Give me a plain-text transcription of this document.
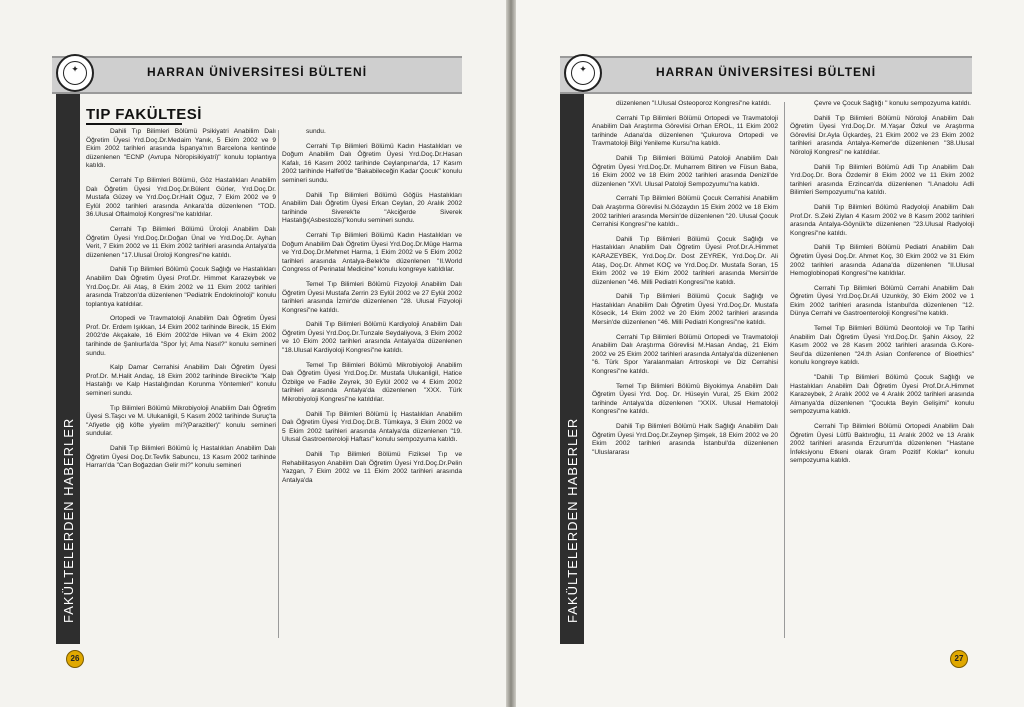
✦	HARRAN ÜNİVERSİTESİ BÜLTENİ
FAKÜLTELERDEN HABERLER
TIP FAKÜLTESİ

Dahili Tıp Bilimleri Bölümü Psikiyatri Anabilim Dalı Öğretim Üyesi Yrd.Doç.Dr.Medaim Yanık, 5 Ekim 2002 ve 9 Ekim 2002 tarihleri arasında İspanya'nın Barcelona kentinde düzenlenen "ECNP (Avrupa Nöropisikiyatri)" konulu toplantıya katıldı.

Cerrahi Tıp Bilimleri Bölümü, Göz Hastalıkları Anabilim Dalı Öğretim Üyesi Yrd.Doç.Dr.Bülent Gürler, Yrd.Doç.Dr. Mustafa Güzey ve Yrd.Doç.Dr.Halit Oğuz, 7 Ekim 2002 ve 9 Eylül 2002 tarihleri arasında Ankara'da düzenlenen "TOD. 36.Ulusal Oftalmoloji Kongresi"ne katıldılar.

Cerrahi Tıp Bilimleri Bölümü Üroloji Anabilim Dalı Öğretim Üyesi Yrd.Doç.Dr.Doğan Ünal ve Yrd.Doç.Dr. Ayhan Verit, 7 Ekim 2002 ve 11 Ekim 2002 tarihleri arasında Antalya'da düzenlenen "17.Ulusal Üroloji Kongresi"ne katıldı.

Dahili Tıp Bilimleri Bölümü Çocuk Sağlığı ve Hastalıkları Anabilim Dalı Öğretim Üyesi Prof.Dr. Himmet Karazeybek ve Yrd.Doç.Dr. Ali Ataş, 8 Ekim 2002 ve 11 Ekim 2002 tarihleri arasında Trabzon'da düzenlenen "Pediatrik Endokrinoloji" konulu toplantıya katıldılar.

Ortopedi ve Travmatoloji Anabilim Dalı Öğretim Üyesi Prof. Dr. Erdem Işıkkan, 14 Ekim 2002 tarihinde Birecik, 15 Ekim 2002'de Akçakale, 16 Ekim 2002'de Hilvan ve 4 Ekim 2002 tarihinde de Şanlıurfa'da "Spor İyi; Ama Nasıl?" konulu semineri sundu.

Kalp Damar Cerrahisi Anabilim Dalı Öğretim Üyesi Prof.Dr. M.Halit Andaç, 18 Ekim 2002 tarihinde Birecik'te "Kalp Hastalığı ve Kalp Hastalığından Korunma Yöntemleri" konulu semineri sundu.

Tıp Bilimleri Bölümü Mikrobiyoloji Anabilim Dalı Öğretim Üyesi S.Taşcı ve M. Ulukanligil, 5 Kasım 2002 tarihinde Suruç'ta "Afiyetle çiğ köfte yiyelim mi?(Parazitler)" konulu semineri sundular.

Dahili Tıp Bilimleri Bölümü İç Hastalıkları Anabilim Dalı Öğretim Üyesi Doç.Dr.Tevfik Sabuncu, 13 Kasım 2002 tarihinde Harran'da "Can Boğazdan Gelir mi?" konulu semineri

sundu.

Cerrahi Tıp Bilimleri Bölümü Kadın Hastalıkları ve Doğum Anabilim Dalı Öğretim Üyesi Yrd.Doç.Dr.Hasan Kafalı, 16 Kasım 2002 tarihinde Ceylanpınar'da, 17 Kasım 2002 tarihinde Halfeti'de "Bakabileceğin Kadar Çocuk" konulu semineri sundu.

Dahili Tıp Bilimleri Bölümü Göğüs Hastalıkları Anabilim Dalı Öğretim Üyesi Erkan Ceylan, 20 Aralık 2002 tarihinde Siverek'te "Akciğerde Siverek Hastalığı(Asbestozis)"konulu semineri sundu.

Cerrahi Tıp Bilimleri Bölümü Kadın Hastalıkları ve Doğum Anabilim Dalı Öğretim Üyesi Yrd.Doç.Dr.Müge Harma ve Yrd.Doç.Dr.Mehmet Harma, 1 Ekim 2002 ve 5 Ekim 2002 tarihleri arasında Antalya-Belek'te düzenlenen "II.World Congress of Perinatal Medicine" konulu kongreye katıldılar.

Temel Tıp Bilimleri Bölümü Fizyoloji Anabilim Dalı Öğretim Üyesi Mustafa Zerrin 23 Eylül 2002 ve 27 Eylül 2002 tarihleri arasında İzmir'de düzenlenen "28. Ulusal Fizyoloji Kongresi"ne katıldı.

Dahili Tıp Bilimleri Bölümü Kardiyoloji Anabilim Dalı Öğretim Üyesi Yrd.Doç.Dr.Tunzale Seydaliyova, 3 Ekim 2002 ve 10 Ekim 2002 tarihleri arasında Antalya'da düzenlenen "18.Ulusal Kardiyoloji Kongresi"ne katıldı.

Temel Tıp Bilimleri Bölümü Mikrobiyoloji Anabilim Dalı Öğretim Üyesi Yrd.Doç.Dr. Mustafa Ulukanligil, Hatice Özbilge ve Fadile Zeyrek, 30 Eylül 2002 ve 4 Ekim 2002 tarihleri arasında Antalya'da düzenlenen "XXX. Türk Mikrobiyoloji Kongresi"ne katıldılar.

Dahili Tıp Bilimleri Bölümü İç Hastalıkları Anabilim Dalı Öğretim Üyesi Yrd.Doç.Dr.B. Tümkaya, 3 Ekim 2002 ve 5 Ekim 2002 tarihleri arasında Antalya'da düzenlenen "19. Ulusal Gastroenteroloji Haftası" konulu sempozyuma katıldı.

Dahili Tıp Bilimleri Bölümü Fiziksel Tıp ve Rehabilitasyon Anabilim Dalı Öğretim Üyesi Yrd.Doç.Dr.Pelin Yazgan, 7 Ekim 2002 ve 11 Ekim 2002 tarihleri arasında Antalya'da

26
✦	HARRAN ÜNİVERSİTESİ BÜLTENİ
FAKÜLTELERDEN HABERLER

düzenlenen "I.Ulusal Osteoporoz Kongresi"ne katıldı.

Cerrahi Tıp Bilimleri Bölümü Ortopedi ve Travmatoloji Anabilim Dalı Araştırma Görevlisi Orhan EROL, 11 Ekim 2002 tarihinde Adana'da düzenlenen "Çukurova Ortopedi ve Travmatoloji Bilgi Yenileme Kursu"na katıldı.

Dahili Tıp Bilimleri Bölümü Patoloji Anabilim Dalı Öğretim Üyesi Yrd.Doç.Dr. Muharrem Bitiren ve Füsun Baba, 16 Ekim 2002 ve 18 Ekim 2002 tarihleri arasında Denizli'de düzenlenen "XVI. Ulusal Patoloji Sempozyumu"na katıldı.

Cerrahi Tıp Bilimleri Bölümü Çocuk Cerrahisi Anabilim Dalı Araştırma Görevlisi N.Gözaydın 15 Ekim 2002 ve 18 Ekim 2002 tarihleri arasında Mersin'de düzenlenen "20. Ulusal Çocuk Cerrahisi Kongresi"ne katıldı..

Dahili Tıp Bilimleri Bölümü Çocuk Sağlığı ve Hastalıkları Anabilim Dalı Öğretim Üyesi Prof.Dr.A.Himmet KARAZEYBEK, Yrd.Doç.Dr. Dost ZEYREK, Yrd.Doç.Dr. Ali Ataş, Doç.Dr. Ahmet KOÇ ve Yrd.Doç.Dr. Mustafa Soran, 15 Ekim 2002 ve 19 Ekim 2002 tarihleri arasında Mersin'de düzenlenen "46. Milli Pediatri Kongresi"ne katıldı.

Dahili Tıp Bilimleri Bölümü Çocuk Sağlığı ve Hastalıkları Anabilim Dalı Öğretim Üyesi Yrd.Doç.Dr. Mustafa Kösecik, 14 Ekim 2002 ve 20 Ekim 2002 tarihleri arasında Mersin'de düzenlenen "46. Milli Pediatri Kongresi"ne katıldı.

Cerrahi Tıp Bilimleri Bölümü Ortopedi ve Travmatoloji Anabilim Dalı Araştırma Görevlisi M.Hasan Andaç, 21 Ekim 2002 ve 25 Ekim 2002 tarihleri arasında Antalya'da düzenlenen "6. Türk Spor Yaralanmaları Artroskopi ve Diz Cerrahisi Kongresi"ne katıldı.

Temel Tıp Bilimleri Bölümü Biyokimya Anabilim Dalı Öğretim Üyesi Yrd. Doç. Dr. Hüseyin Vural, 25 Ekim 2002 tarihinde Antalya'da düzenlenen "XXIX. Ulusal Hematoloji Kongresi"ne katıldı.

Dahili Tıp Bilimleri Bölümü Halk Sağlığı Anabilim Dalı Öğretim Üyesi Yrd.Doç.Dr.Zeynep Şimşek, 18 Ekim 2002 ve 20 Ekim 2002 tarihleri arasında İstanbul'da düzenlenen "Uluslararası

Çevre ve Çocuk Sağlığı " konulu sempozyuma katıldı.

Dahili Tıp Bilimleri Bölümü Nöroloji Anabilim Dalı Öğretim Üyesi Yrd.Doç.Dr. M.Yaşar Özkul ve Araştırma Görevlisi Dr.Ayla Üçkardeş, 21 Ekim 2002 ve 23 Ekim 2002 tarihleri arasında Antalya-Kemer'de düzenlenen "38.Ulusal Nöroloji Kongresi" ne katıldılar.

Dahili Tıp Bilimleri Bölümü Adli Tıp Anabilim Dalı Yrd.Doç.Dr. Bora Özdemir 8 Ekim 2002 ve 11 Ekim 2002 tarihleri arasında Erzincan'da düzenlenen "I.Anadolu Adli Bilimleri Sempozyumu"na katıldı.

Dahili Tıp Bilimleri Bölümü Radyoloji Anabilim Dalı Prof.Dr. S.Zeki Ziylan 4 Kasım 2002 ve 8 Kasım 2002 tarihleri arasında Antalya-Göynük'te düzenlenen "23.Ulusal Radyoloji Kongresi"ne katıldı.

Dahili Tıp Bilimleri Bölümü Pediatri Anabilim Dalı Öğretim Üyesi Doç.Dr. Ahmet Koç, 30 Ekim 2002 ve 31 Ekim 2002 tarihleri arasında Adana'da düzenlenen "II.Ulusal Hemoglobinopati Kongresi"ne katıldılar.

Cerrahi Tıp Bilimleri Bölümü Cerrahi Anabilim Dalı Öğretim Üyesi Yrd.Doç.Dr.Ali Uzunköy, 30 Ekim 2002 ve 1 Ekim 2002 tarihleri arasında İstanbul'da düzenlenen "12. Dünya Cerrahi ve Gastroenteroloji Kongresi"ne katıldı.

Temel Tıp Bilimleri Bölümü Deontoloji ve Tıp Tarihi Anabilim Dalı Öğretim Üyesi Yrd.Doç.Dr. Şahin Aksoy, 22 Kasım 2002 ve 28 Kasım 2002 tarihleri arasında G.Kore-Seul'da düzenlenen "24.th Asian Conference of Bioethics" konulu kongreye katıldı.

"Dahili Tıp Bilimleri Bölümü Çocuk Sağlığı ve Hastalıkları Anabilim Dalı Öğretim Üyesi Prof.Dr.A.Himmet Karazeybek, 2 Aralık 2002 ve 4 Aralık 2002 tarihleri arasında Almanya'da düzenlenen "Çocukta Beyin Gelişimi" konulu sempozyuma katıldı.

Cerrahi Tıp Bilimleri Bölümü Ortopedi Anabilim Dalı Öğretim Üyesi Lütfü Baktıroğlu, 11 Aralık 2002 ve 13 Aralık 2002 tarihleri arasında Erzurum'da düzenlenen "Hastane İnfeksiyonu Etkeni olarak Gram Pozitif Koklar" konulu sempozyuma katıldı.

27
